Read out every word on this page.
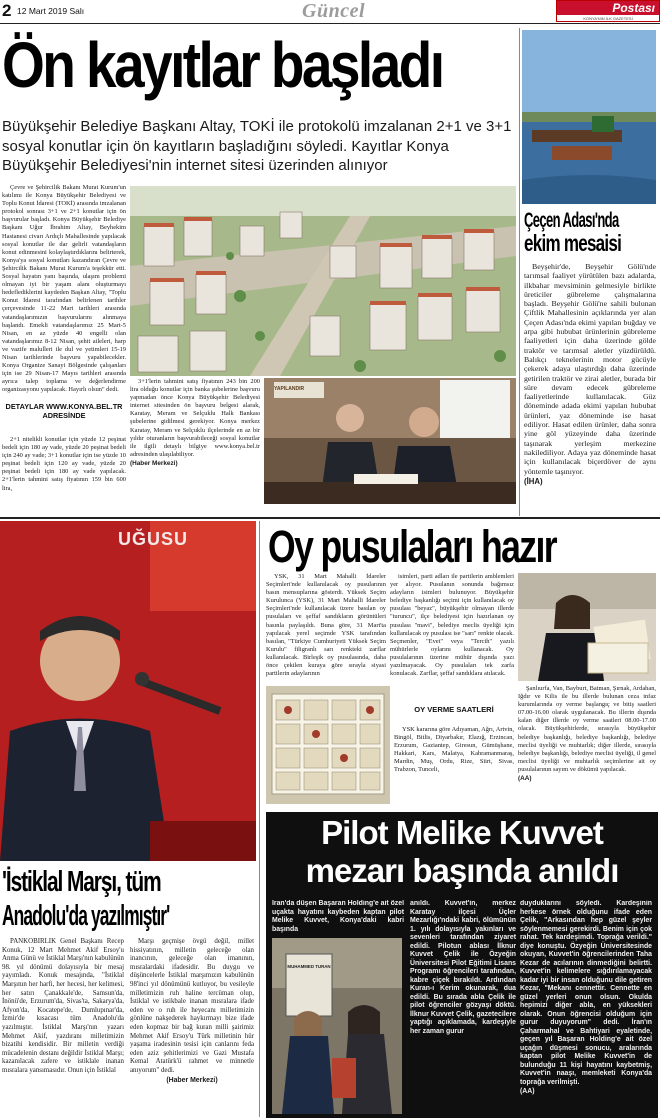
2 12 Mart 2019 Salı	Güncel	Postası
KONYA'NIN İLK GAZETESİ
Ön kayıtlar başladı
Büyükşehir Belediye Başkanı Altay, TOKİ ile protokolü imzalanan 2+1 ve 3+1 sosyal konutlar için ön kayıtların başladığını söyledi. Kayıtlar Konya Büyükşehir Belediyesi'nin internet sitesi üzerinden alınıyor

Çevre ve Şehircilik Bakanı Murat Kurum'un katılımı ile Konya Büyükşehir Belediyesi ve Toplu Konut İdaresi (TOKİ) arasında imzalanan protokol sonrası 3+1 ve 2+1 konutlar için ön başvurular başladı. Konya Büyükşehir Belediye Başkanı Uğur İbrahim Altay, Beyhekim Hastanesi civarı Ardıçlı Mahallesinde yapılacak sosyal konutlar ile dar gelirli vatandaşların konut edinmesini kolaylaştırdıklarını belirterek, Konya'ya sosyal konutları kazandıran Çevre ve Şehircilik Bakanı Murat Kurum'a teşekkür etti. Sosyal hayatın yanı başında, ulaşım problemi olmayan iyi bir yaşam alanı oluşturmayı hedeflediklerini kaydeden Başkan Altay, "Toplu Konut İdaresi tarafından belirlenen tarihler çerçevesinde 11-22 Mart tarihleri arasında vatandaşlarımızın başvurularını alınmaya başlandı. Emekli vatandaşlarımız 25 Mart-5 Nisan, en az yüzde 40 engelli olan vatandaşlarımız 8-12 Nisan, şehit aileleri, harp ve vazife malulleri ile dul ve yetimleri 15-19 Nisan tarihlerinde başvuru yapabilecekler. Konya Organize Sanayi Bölgesinde çalışanları için ise 29 Nisan-17 Mayıs tarihleri arasında ayrıca talep toplama ve değerlendirme organizasyonu yapılacak. Hayırlı olsun" dedi.

DETAYLAR WWW.KONYA.BEL.TR ADRESİNDE

2+1 nitelikli konutlar için yüzde 12 peşinat bedeli için 180 ay vade, yüzde 20 peşinat bedeli için 240 ay vade; 3+1 konutlar için ise yüzde 10 peşinat bedeli için 120 ay vade, yüzde 20 peşinat bedeli için 180 ay vade yapılacak. 2+1'lerin tahmini satış fiyatının 159 bin 600 lira,

YAPILANDIR

3+1'lerin tahmini satış fiyatının 243 bin 200 lira olduğu konutlar için banka şubelerine başvuru yapmadan önce Konya Büyükşehir Belediyesi internet sitesinden ön başvuru belgesi alarak, Karatay, Meram ve Selçuklu Halk Bankası şubelerine gidilmesi gerekiyor. Konya merkez Karatay, Meram ve Selçuklu ilçelerinde en az bir yıldır oturanların başvurabileceği sosyal konutlar ile ilgili detaylı bilgiye www.konya.bel.tr adresinden ulaşılabiliyor.

(Haber Merkezi)
Çeçen Adası'nda
ekim mesaisi

Beyşehir'de, Beyşehir Gölü'nde tarımsal faaliyet yürütülen bazı adalarda, ilkbahar mevsiminin gelmesiyle birlikte üreticiler gübreleme çalışmalarına başladı. Beyşehir Gölü'ne sahili bulunan Çiftlik Mahallesinin açıklarında yer alan Çeçen Adası'nda ekimi yapılan buğday ve arpa gibi hububat ürünlerinin gübreleme faaliyetleri için daha üzerinde gölde traktör ve tarımsal aletler yüzdürüldü. Balıkçı teknelerinin motor gücüyle çekerek adaya ulaştırdığı daha üzerinde getirilen traktör ve zirai aletler, burada bir süre devam edecek gübreleme faaliyetlerinde kullanılacak. Güz döneminde adada ekimi yapılan hububat ürünleri, yaz döneminde ise hasat ediliyor. Hasat edilen ürünler, daha sonra yine göl yüzeyinde daha üzerinde taşınarak yerleşim merkezine nakilediliyor. Adaya yaz döneminde hasat için kullanılacak biçerdöver de aynı yöntemle taşınıyor.

(İHA)
UĞUSU
'İstiklal Marşı, tüm
Anadolu'da yazılmıştır'

PANKOBİRLİK Genel Başkanı Recep Konuk, 12 Mart Mehmet Akif Ersoy'u Anma Günü ve İstiklal Marşı'nın kabulünün 98. yıl dönümü dolayısıyla bir mesaj yayımladı. Konuk mesajında, "İstiklal Marşının her harfi, her hecesi, her kelimesi, her satırı Çanakkale'de, Samsun'da, İnönü'de, Erzurum'da, Sivas'ta, Sakarya'da, Afyon'da, Kocatepe'de, Dumlupınar'da, İzmir'de kısacası tüm Anadolu'da yazılmıştır. İstiklal Marşı'nın yazarı Mehmet Akif, yazdıranı milletimizin bizatihi kendisidir. Bir milletin verdiği mücadelenin destanı değildir İstiklal Marşı; kazanılacak zafere ve istiklale inanan mısralara yansımasıdır. Onun için İstiklal

Marşı geçmişe övgü değil, millet hissiyatının, milletin geleceğe olan inancının, geleceğe olan imanının, mısralardaki ifadesidir. Bu duygu ve düşüncelerle İstiklal marşımızın kabulünün 98'inci yıl dönümünü kutluyor, bu vesileyle milletimizin ruh haline tercüman olup, İstiklal ve istikbale inanan mısralara ifade eden ve o ruh ile heyecanı milletimizin gönlüne nakşederek haykırmayı bize ifade eden kopmaz bir bağ kuran milli şairimiz Mehmet Akif Ersoy'u Türk milletinin hür yaşama iradesinin tesisi için canlarını feda eden aziz şehitlerimizi ve Gazi Mustafa Kemal Atatürk'ü rahmet ve minnetle anıyorum" dedi.

(Haber Merkezi)
Oy pusulaları hazır

YSK, 31 Mart Mahalli İdareler Seçimleri'nde kullanılacak oy pusularının basın mensuplarına gösterdi. Yüksek Seçim Kurulunca (YSK), 31 Mart Mahalli İdareler Seçimleri'nde kullanılacak üzere basılan oy pusulaları ve şeffaf sandıkların görüntüleri basınla paylaşıldı. Buna göre, 31 Mart'ta yapılacak yerel seçimde YSK tarafından basılan, "Türkiye Cumhuriyeti Yüksek Seçim Kurulu" filigranlı sarı renkteki zarflar kullanılacak. Birleşik oy pusulasında, daha önce çekilen kuraya göre sırayla siyasi partilerin adaylarının

isimleri, parti adları ile partilerin amblemleri yer alıyor. Pusulanın sonunda bağımsız adayların isimleri bulunuyor. Büyükşehir belediye başkanlığı seçimi için kullanılacak oy pusulası "beyaz", büyükşehir olmayan illerde "turuncu", ilçe belediyesi için hazırlanan oy pusulası "mavi", belediye meclis üyeliği için kullanılacak oy pusulası ise "sarı" renkte olacak. Seçmenler, "Evet" veya "Tercih" yazılı mühürlerle oylarını kullanacak. Oy pusulalarının üzerine mühür dışında yazı yazılmayacak. Oy pusulaları tek zarfa konulacak. Zarflar, şeffaf sandıklara atılacak.

OY VERME SAATLERİ

YSK kararına göre Adıyaman, Ağrı, Artvin, Bingöl, Bitlis, Diyarbakır, Elazığ, Erzincan, Erzurum, Gaziantep, Giresun, Gümüşhane, Hakkari, Kars, Malatya, Kahramanmaraş, Mardin, Muş, Ordu, Rize, Siirt, Sivas, Trabzon, Tunceli,

Şanlıurfa, Van, Bayburt, Batman, Şırnak, Ardahan, Iğdır ve Kilis ile bu illerde bulunan ceza infaz kurumlarında oy verme başlangıç ve bitiş saatleri 07.00-16.00 olarak uygulanacak. Bu illerin dışında kalan diğer illerde oy verme saatleri 08.00-17.00 olacak. Büyükşehirlerde, sırasıyla büyükşehir belediye başkanlığı, belediye başkanlığı, belediye meclisi üyeliği ve muhtarlık; diğer illerde, sırasıyla belediye başkanlığı, belediye meclisi üyeliği, il genel meclisi üyeliği ve muhtarlık seçimlerine ait oy pusulalarının sayım ve dökümü yapılacak.

(AA)
Pilot Melike Kuvvet
mezarı başında anıldı

İran'da düşen Başaran Holding'e ait özel uçakta hayatını kaybeden kaptan pilot Melike Kuvvet, Konya'daki kabri başında

MUHAMMED TURAN

anıldı. Kuvvet'in, merkez Karatay ilçesi Üçler Mezarlığı'ndaki kabri, ölümünün 1. yılı dolayısıyla yakınları ve sevenleri tarafından ziyaret edildi. Pilotun ablası İlknur Kuvvet Çelik ile Özyeğin Üniversitesi Pilot Eğitimi Lisans Programı öğrencileri tarafından, kabre çiçek bırakıldı. Ardından Kuran-ı Kerim okunarak, dua edildi. Bu sırada abla Çelik ile pilot öğrenciler gözyaşı döktü. İlknur Kuvvet Çelik, gazetecilere yaptığı açıklamada, kardeşiyle her zaman gurur

duyduklarını söyledi. Kardeşinin herkese örnek olduğunu ifade eden Çelik, "Arkasından hep güzel şeyler söylenmemesi gerekirdi. Benim için çok rahat. Tek kardeşimdi. Toprağa verildi." diye konuştu. Özyeğin Üniversitesinde okuyan, Kuvvet'in öğrencilerinden Taha Kezar de acılarının dinmediğini belirtti. Kuvvet'in kelimelere sığdırılamayacak kadar iyi bir insan olduğunu dile getiren Kezar, "Mekanı cennettir. Cennette en güzel yerleri onun olsun. Okulda hepimizi diğer abla, en yüksekleri olarak. Onun öğrencisi olduğum için gurur duyuyorum" dedi. İran'ın Çaharmahal ve Bahtiyari eyaletinde, geçen yıl Başaran Holding'e ait özel uçağın düşmesi sonucu, aralarında kaptan pilot Melike Kuvvet'in de bulunduğu 11 kişi hayatını kaybetmiş, Kuvvet'in naaşı, memleketi Konya'da toprağa verilmişti.

(AA)
